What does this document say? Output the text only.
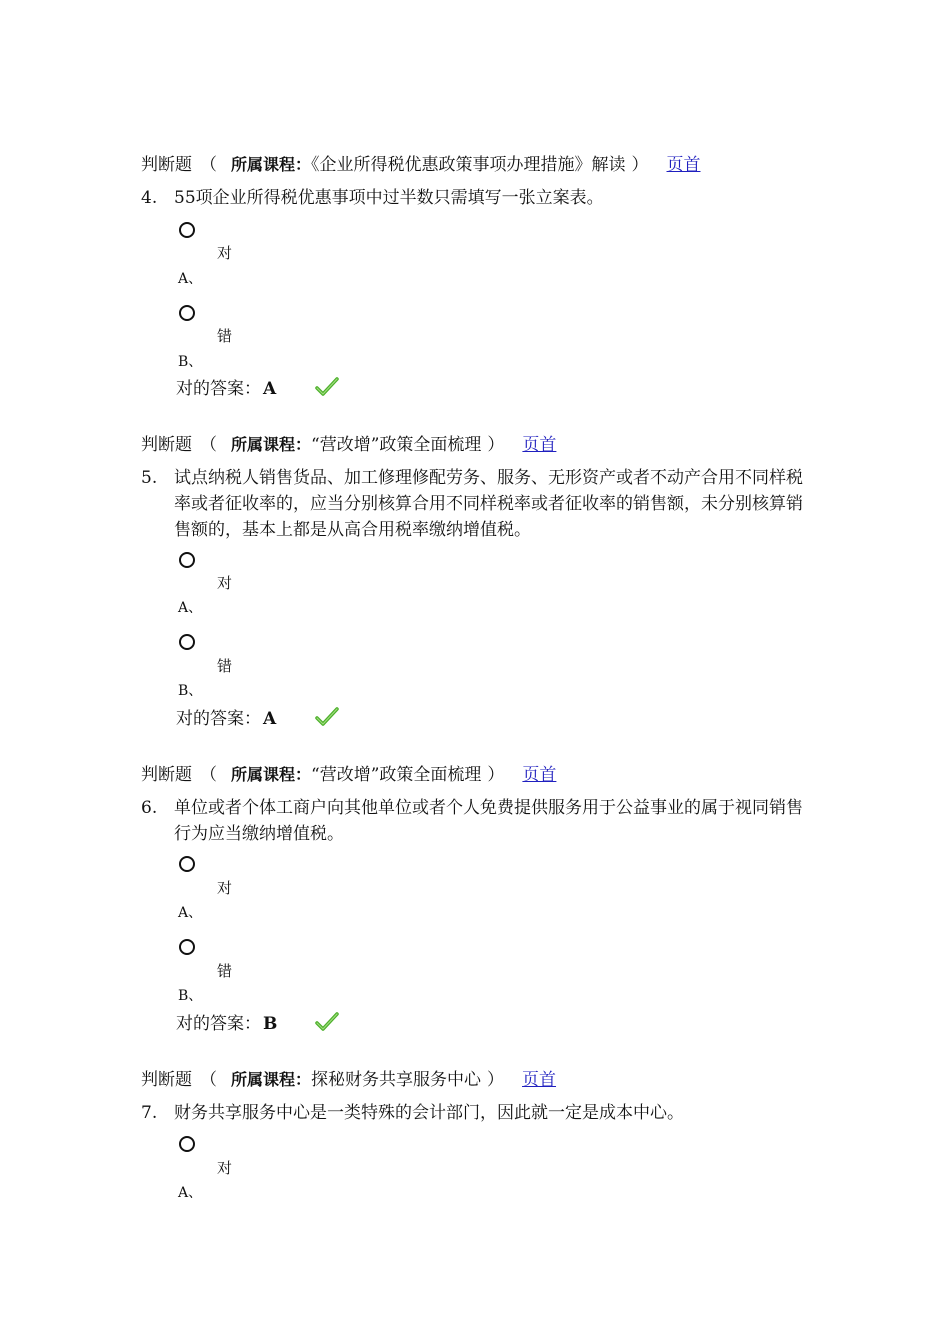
判断题 （ 所属课程：《企业所得税优惠政策事项办理措施》解读 ） 页首
4. 55项企业所得税优惠事项中过半数只需填写一张立案表。
对
A、
错
B、
对的答案： A
判断题 （ 所属课程：“营改增”政策全面梳理 ） 页首
5. 试点纳税人销售货品、加工修理修配劳务、服务、无形资产或者不动产合用不同样税率或者征收率的，应当分别核算合用不同样税率或者征收率的销售额，未分别核算销售额的，基本上都是从高合用税率缴纳增值税。
对
A、
错
B、
对的答案： A
判断题 （ 所属课程：“营改增”政策全面梳理 ） 页首
6. 单位或者个体工商户向其他单位或者个人免费提供服务用于公益事业的属于视同销售行为应当缴纳增值税。
对
A、
错
B、
对的答案： B
判断题 （ 所属课程：探秘财务共享服务中心 ） 页首
7. 财务共享服务中心是一类特殊的会计部门，因此就一定是成本中心。
对
A、
